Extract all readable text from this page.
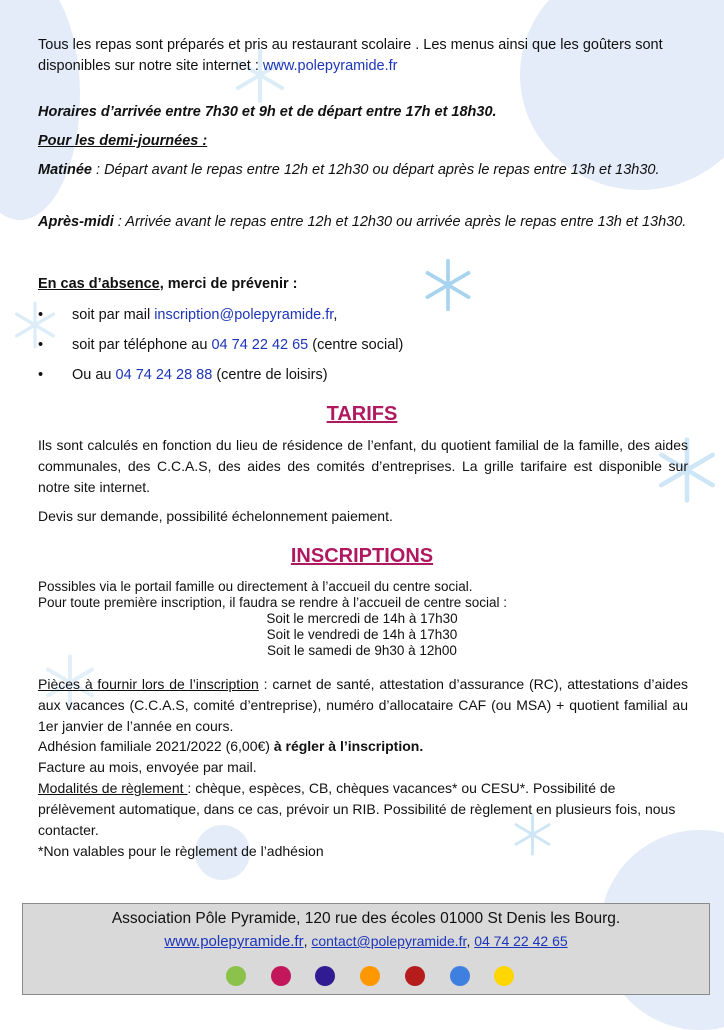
Tous les repas sont préparés et pris au restaurant scolaire . Les menus ainsi que les goûters sont disponibles sur notre site internet : www.polepyramide.fr

Horaires d’arrivée entre 7h30 et 9h et de départ entre 17h et 18h30.

Pour les demi-journées :

Matinée : Départ avant le repas entre 12h et 12h30 ou départ après le repas entre 13h et 13h30.

Après-midi : Arrivée avant le repas entre 12h et 12h30 ou arrivée après le repas entre 13h et 13h30.

En cas d’absence, merci de prévenir :

• soit par mail inscription@polepyramide.fr,
• soit par téléphone au 04 74 22 42 65 (centre social)
• Ou au 04 74 24 28 88 (centre de loisirs)
TARIFS

Ils sont calculés en fonction du lieu de résidence de l’enfant, du quotient familial de la famille, des aides communales, des C.C.A.S, des aides des comités d’entreprises. La grille tarifaire est disponible sur notre site internet.

Devis sur demande, possibilité échelonnement paiement.

INSCRIPTIONS

Possibles via le portail famille ou directement à l’accueil du centre social.

Pour toute première inscription, il faudra se rendre à l’accueil de centre social :

Soit le mercredi de 14h à 17h30
Soit le vendredi de 14h à 17h30
Soit le samedi de 9h30 à 12h00

Pièces à fournir lors de l’inscription : carnet de santé, attestation d’assurance (RC), attestations d’aides aux vacances (C.C.A.S, comité d’entreprise), numéro d’allocataire CAF (ou MSA) + quotient familial au 1er janvier de l’année en cours.

Adhésion familiale 2021/2022 (6,00€) à régler à l’inscription.

Facture au mois, envoyée par mail.

Modalités de règlement : chèque, espèces, CB, chèques vacances* ou CESU*. Possibilité de prélèvement automatique, dans ce cas, prévoir un RIB. Possibilité de règlement en plusieurs fois, nous contacter.

*Non valables pour le règlement de l’adhésion

Association Pôle Pyramide, 120 rue des écoles 01000 St Denis les Bourg.
www.polepyramide.fr, contact@polepyramide.fr, 04 74 22 42 65
